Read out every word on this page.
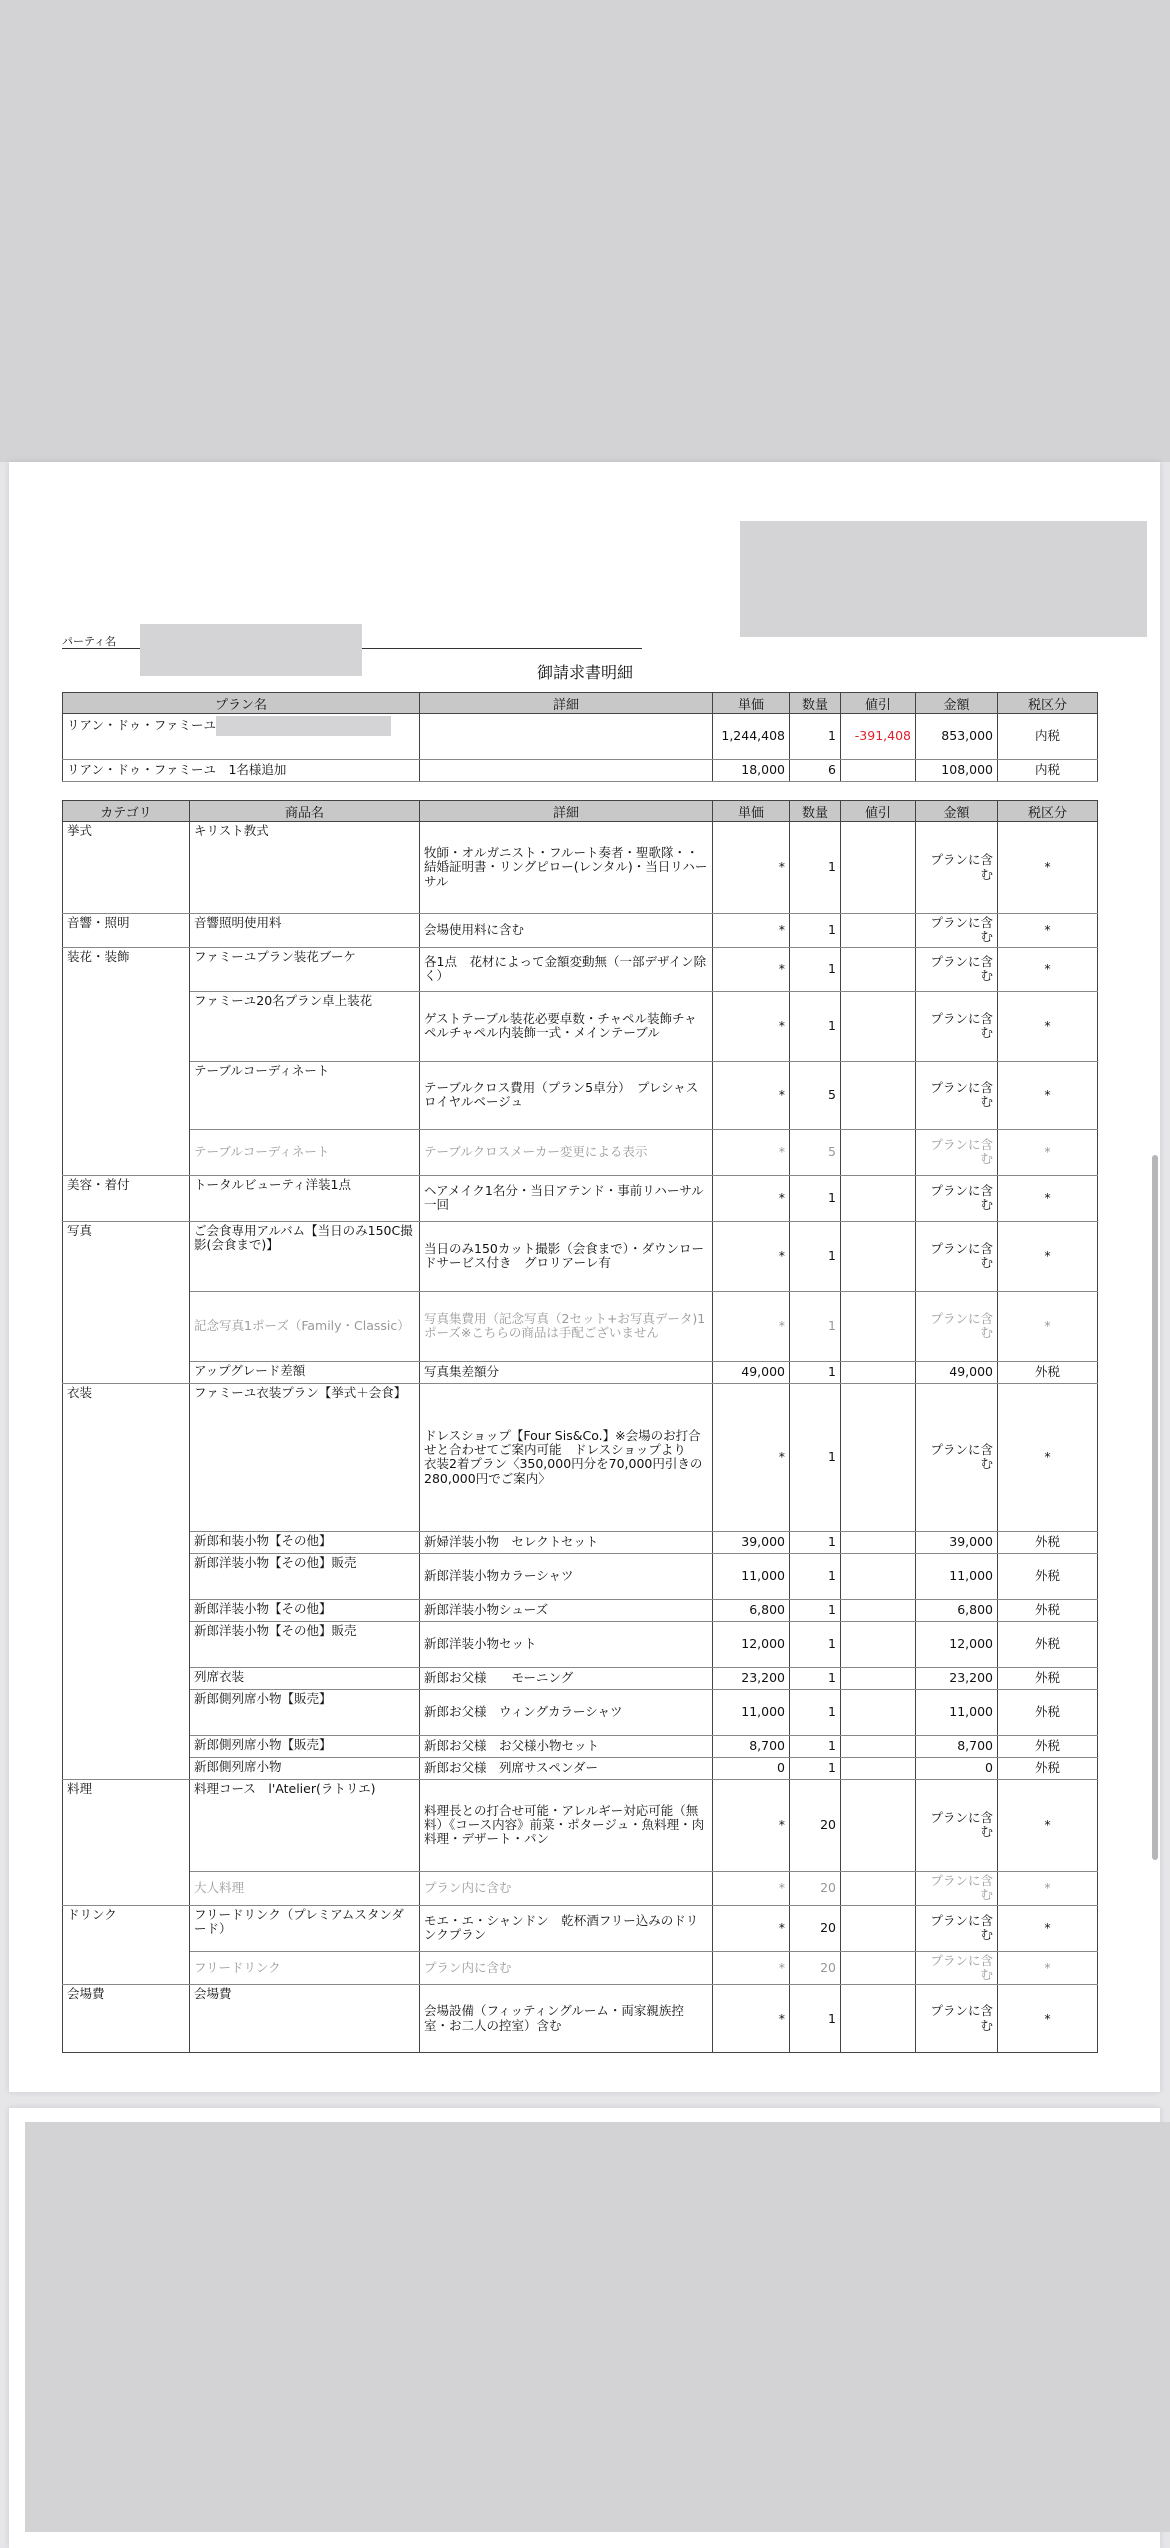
パーティ名
御請求書明細
プラン名	詳細	単価	数量	値引	金額	税区分
リアン・ドゥ・ファミーユ		1,244,408	1	-391,408	853,000	内税
リアン・ドゥ・ファミーユ　1名様追加		18,000	6		108,000	内税
カテゴリ	商品名	詳細	単価	数量	値引	金額	税区分
挙式	キリスト教式	牧師・オルガニスト・フルート奏者・聖歌隊・・結婚証明書・リングピロー(レンタル)・当日リハーサル	*	1		プランに含む	*
音響・照明	音響照明使用料	会場使用料に含む	*	1		プランに含む	*
装花・装飾	ファミーユプラン装花ブーケ	各1点　花材によって金額変動無（一部デザイン除く）	*	1		プランに含む	*
	ファミーユ20名プラン卓上装花	ゲストテーブル装花必要卓数・チャペル装飾チャペルチャペル内装飾一式・メインテーブル	*	1		プランに含む	*
	テーブルコーディネート	テーブルクロス費用（プラン5卓分）　プレシャスロイヤルベージュ	*	5		プランに含む	*
	テーブルコーディネート	テーブルクロスメーカー変更による表示	*	5		プランに含む	*
美容・着付	トータルビューティ洋装1点	ヘアメイク1名分・当日アテンド・事前リハーサル一回	*	1		プランに含む	*
写真	ご会食専用アルバム【当日のみ150C撮影(会食まで)】	当日のみ150カット撮影（会食まで）・ダウンロードサービス付き　グロリアーレ有	*	1		プランに含む	*
	記念写真1ポーズ（Family・Classic）	写真集費用（記念写真（2セット+お写真データ)1ポーズ※こちらの商品は手配ございません	*	1		プランに含む	*
	アップグレード差額	写真集差額分	49,000	1		49,000	外税
衣装	ファミーユ衣装プラン【挙式＋会食】	ドレスショップ【Four Sis&Co.】※会場のお打合せと合わせてご案内可能　ドレスショップより　衣装2着プラン〈350,000円分を70,000円引きの280,000円でご案内〉	*	1		プランに含む	*
	新郎和装小物【その他】	新婦洋装小物　セレクトセット	39,000	1		39,000	外税
	新郎洋装小物【その他】販売	新郎洋装小物カラーシャツ	11,000	1		11,000	外税
	新郎洋装小物【その他】	新郎洋装小物シューズ	6,800	1		6,800	外税
	新郎洋装小物【その他】販売	新郎洋装小物セット	12,000	1		12,000	外税
	列席衣装	新郎お父様　　モーニング	23,200	1		23,200	外税
	新郎側列席小物【販売】	新郎お父様　ウィングカラーシャツ	11,000	1		11,000	外税
	新郎側列席小物【販売】	新郎お父様　お父様小物セット	8,700	1		8,700	外税
	新郎側列席小物	新郎お父様　列席サスペンダー	0	1		0	外税
料理	料理コース　l'Atelier(ラトリエ)	料理長との打合せ可能・アレルギー対応可能（無料）《コース内容》前菜・ポタージュ・魚料理・肉料理・デザート・パン	*	20		プランに含む	*
	大人料理	プラン内に含む	*	20		プランに含む	*
ドリンク	フリードリンク（プレミアムスタンダード）	モエ・エ・シャンドン　乾杯酒フリー込みのドリンクプラン	*	20		プランに含む	*
	フリードリンク	プラン内に含む	*	20		プランに含む	*
会場費	会場費	会場設備（フィッティングルーム・両家親族控室・お二人の控室）含む	*	1		プランに含む	*
